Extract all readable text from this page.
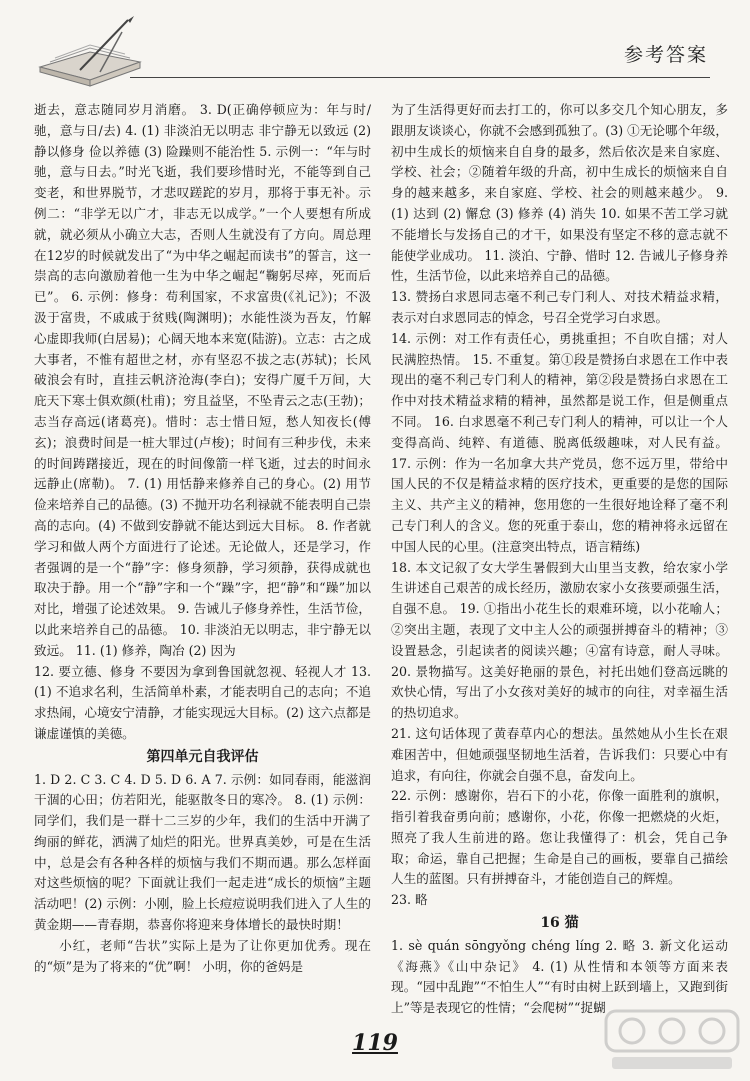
参考答案

逝去，意志随同岁月消磨。 3. D(正确停顿应为：年与时/驰，意与日/去) 4. (1) 非淡泊无以明志 非宁静无以致远 (2) 静以修身 俭以养德 (3) 险躁则不能治性 5. 示例一：“年与时驰，意与日去。”时光飞逝，我们要珍惜时光，不能等到自己变老，和世界脱节，才悲叹蹉跎的岁月，那将于事无补。示例二：“非学无以广才，非志无以成学。”一个人要想有所成就，就必须从小确立大志，否则人生就没有了方向。周总理在12岁的时候就发出了“为中华之崛起而读书”的誓言，这一崇高的志向激励着他一生为中华之崛起“鞠躬尽瘁，死而后已”。 6. 示例：修身：苟利国家，不求富贵(《礼记》)；不汲汲于富贵，不戚戚于贫贱(陶渊明)；水能性淡为吾友，竹解心虚即我师(白居易)；心阔天地本来宽(陆游)。立志：古之成大事者，不惟有超世之材，亦有坚忍不拔之志(苏轼)；长风破浪会有时，直挂云帆济沧海(李白)；安得广厦千万间，大庇天下寒士俱欢颜(杜甫)；穷且益坚，不坠青云之志(王勃)；志当存高远(诸葛亮)。惜时：志士惜日短，愁人知夜长(傅玄)；浪费时间是一桩大罪过(卢梭)；时间有三种步伐，未来的时间踌躇接近，现在的时间像箭一样飞逝，过去的时间永远静止(席勒)。 7. (1) 用恬静来修养自己的身心。(2) 用节俭来培养自己的品德。(3) 不抛开功名利禄就不能表明自己崇高的志向。(4) 不做到安静就不能达到远大目标。 8. 作者就学习和做人两个方面进行了论述。无论做人，还是学习，作者强调的是一个“静”字：修身须静，学习须静，获得成就也取决于静。用一个“静”字和一个“躁”字，把“静”和“躁”加以对比，增强了论述效果。 9. 告诫儿子修身养性，生活节俭，以此来培养自己的品德。 10. 非淡泊无以明志，非宁静无以致远。 11. (1) 修养，陶冶 (2) 因为

12. 要立德、修身 不要因为拿到鲁国就忽视、轻视人才 13. (1) 不追求名利，生活简单朴素，才能表明自己的志向；不追求热闹，心境安宁清静，才能实现远大目标。(2) 这六点都是谦虚谨慎的美德。

第四单元自我评估

1. D 2. C 3. C 4. D 5. D 6. A 7. 示例：如同春雨，能滋润干涸的心田；仿若阳光，能驱散冬日的寒冷。 8. (1) 示例：同学们，我们是一群十二三岁的少年，我们的生活中开满了绚丽的鲜花，洒满了灿烂的阳光。世界真美妙，可是在生活中，总是会有各种各样的烦恼与我们不期而遇。那么怎样面对这些烦恼的呢？下面就让我们一起走进“成长的烦恼”主题活动吧！(2) 示例：小刚，脸上长痘痘说明我们进入了人生的黄金期——青春期，恭喜你将迎来身体增长的最快时期！

小红，老师“告状”实际上是为了让你更加优秀。现在的“烦”是为了将来的“优”啊！ 小明，你的爸妈是

为了生活得更好而去打工的，你可以多交几个知心朋友，多跟朋友谈谈心，你就不会感到孤独了。(3) ①无论哪个年级，初中生成长的烦恼来自自身的最多，然后依次是来自家庭、学校、社会；②随着年级的升高，初中生成长的烦恼来自自身的越来越多，来自家庭、学校、社会的则越来越少。 9. (1) 达到 (2) 懈怠 (3) 修养 (4) 消失 10. 如果不苦工学习就不能增长与发扬自己的才干，如果没有坚定不移的意志就不能使学业成功。 11. 淡泊、宁静、惜时 12. 告诫儿子修身养性，生活节俭，以此来培养自己的品德。

13. 赞扬白求恩同志毫不利己专门利人、对技术精益求精，表示对白求恩同志的悼念，号召全党学习白求恩。

14. 示例：对工作有责任心，勇挑重担；不自吹自擂；对人民满腔热情。 15. 不重复。第①段是赞扬白求恩在工作中表现出的毫不利己专门利人的精神，第②段是赞扬白求恩在工作中对技术精益求精的精神，虽然都是说工作，但是侧重点不同。 16. 白求恩毫不利己专门利人的精神，可以让一个人变得高尚、纯粹、有道德、脱离低级趣味，对人民有益。 17. 示例：作为一名加拿大共产党员，您不远万里，带给中国人民的不仅是精益求精的医疗技术，更重要的是您的国际主义、共产主义的精神，您用您的一生很好地诠释了毫不利己专门利人的含义。您的死重于泰山，您的精神将永远留在中国人民的心里。(注意突出特点，语言精练)

18. 本文记叙了女大学生暑假到大山里当支教，给农家小学生讲述自己艰苦的成长经历，激励农家小女孩要顽强生活，自强不息。 19. ①指出小花生长的艰难环境，以小花喻人；②突出主题，表现了文中主人公的顽强拼搏奋斗的精神；③设置悬念，引起读者的阅读兴趣；④富有诗意，耐人寻味。 20. 景物描写。这美好艳丽的景色，衬托出她们登高远眺的欢快心情，写出了小女孩对美好的城市的向往，对幸福生活的热切追求。

21. 这句话体现了黄春草内心的想法。虽然她从小生长在艰难困苦中，但她顽强坚韧地生活着，告诉我们：只要心中有追求，有向往，你就会自强不息，奋发向上。

22. 示例：感谢你，岩石下的小花，你像一面胜利的旗帜，指引着我奋勇向前；感谢你，小花，你像一把燃烧的火炬，照亮了我人生前进的路。您让我懂得了：机会，凭自己争取；命运，靠自己把握；生命是自己的画板，要靠自己描绘人生的蓝图。只有拼搏奋斗，才能创造自己的辉煌。

23. 略

16 猫

1. sè quán sōngyǒng chéng líng 2. 略 3. 新文化运动 《海燕》《山中杂记》 4. (1) 从性情和本领等方面来表现。“园中乱跑”“不怕生人”“有时由树上跃到墙上，又跑到街上”等是表现它的性情；“会爬树”“捉蝴

119
